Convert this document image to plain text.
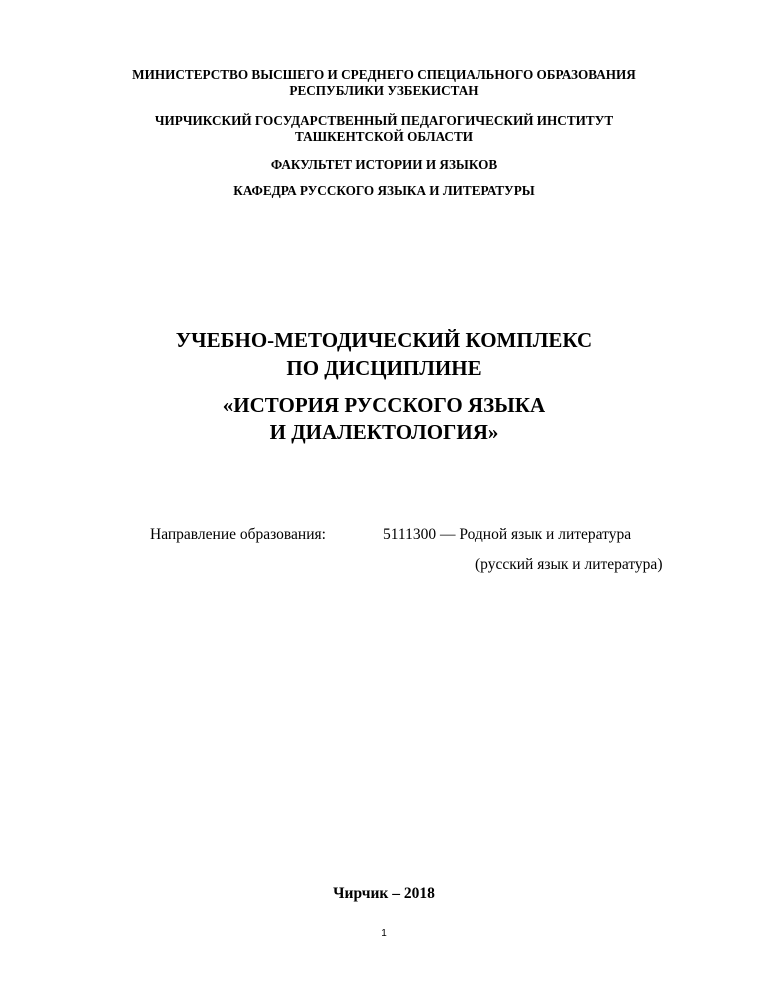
МИНИСТЕРСТВО ВЫСШЕГО И СРЕДНЕГО СПЕЦИАЛЬНОГО ОБРАЗОВАНИЯ
РЕСПУБЛИКИ УЗБЕКИСТАН
ЧИРЧИКСКИЙ ГОСУДАРСТВЕННЫЙ ПЕДАГОГИЧЕСКИЙ ИНСТИТУТ
ТАШКЕНТСКОЙ ОБЛАСТИ
ФАКУЛЬТЕТ ИСТОРИИ И ЯЗЫКОВ
КАФЕДРА РУССКОГО ЯЗЫКА И ЛИТЕРАТУРЫ
УЧЕБНО-МЕТОДИЧЕСКИЙ КОМПЛЕКС
ПО ДИСЦИПЛИНЕ
«ИСТОРИЯ РУССКОГО ЯЗЫКА
И ДИАЛЕКТОЛОГИЯ»
Направление образования:	5111300 — Родной язык и литература
(русский язык и литература)
Чирчик – 2018
1
